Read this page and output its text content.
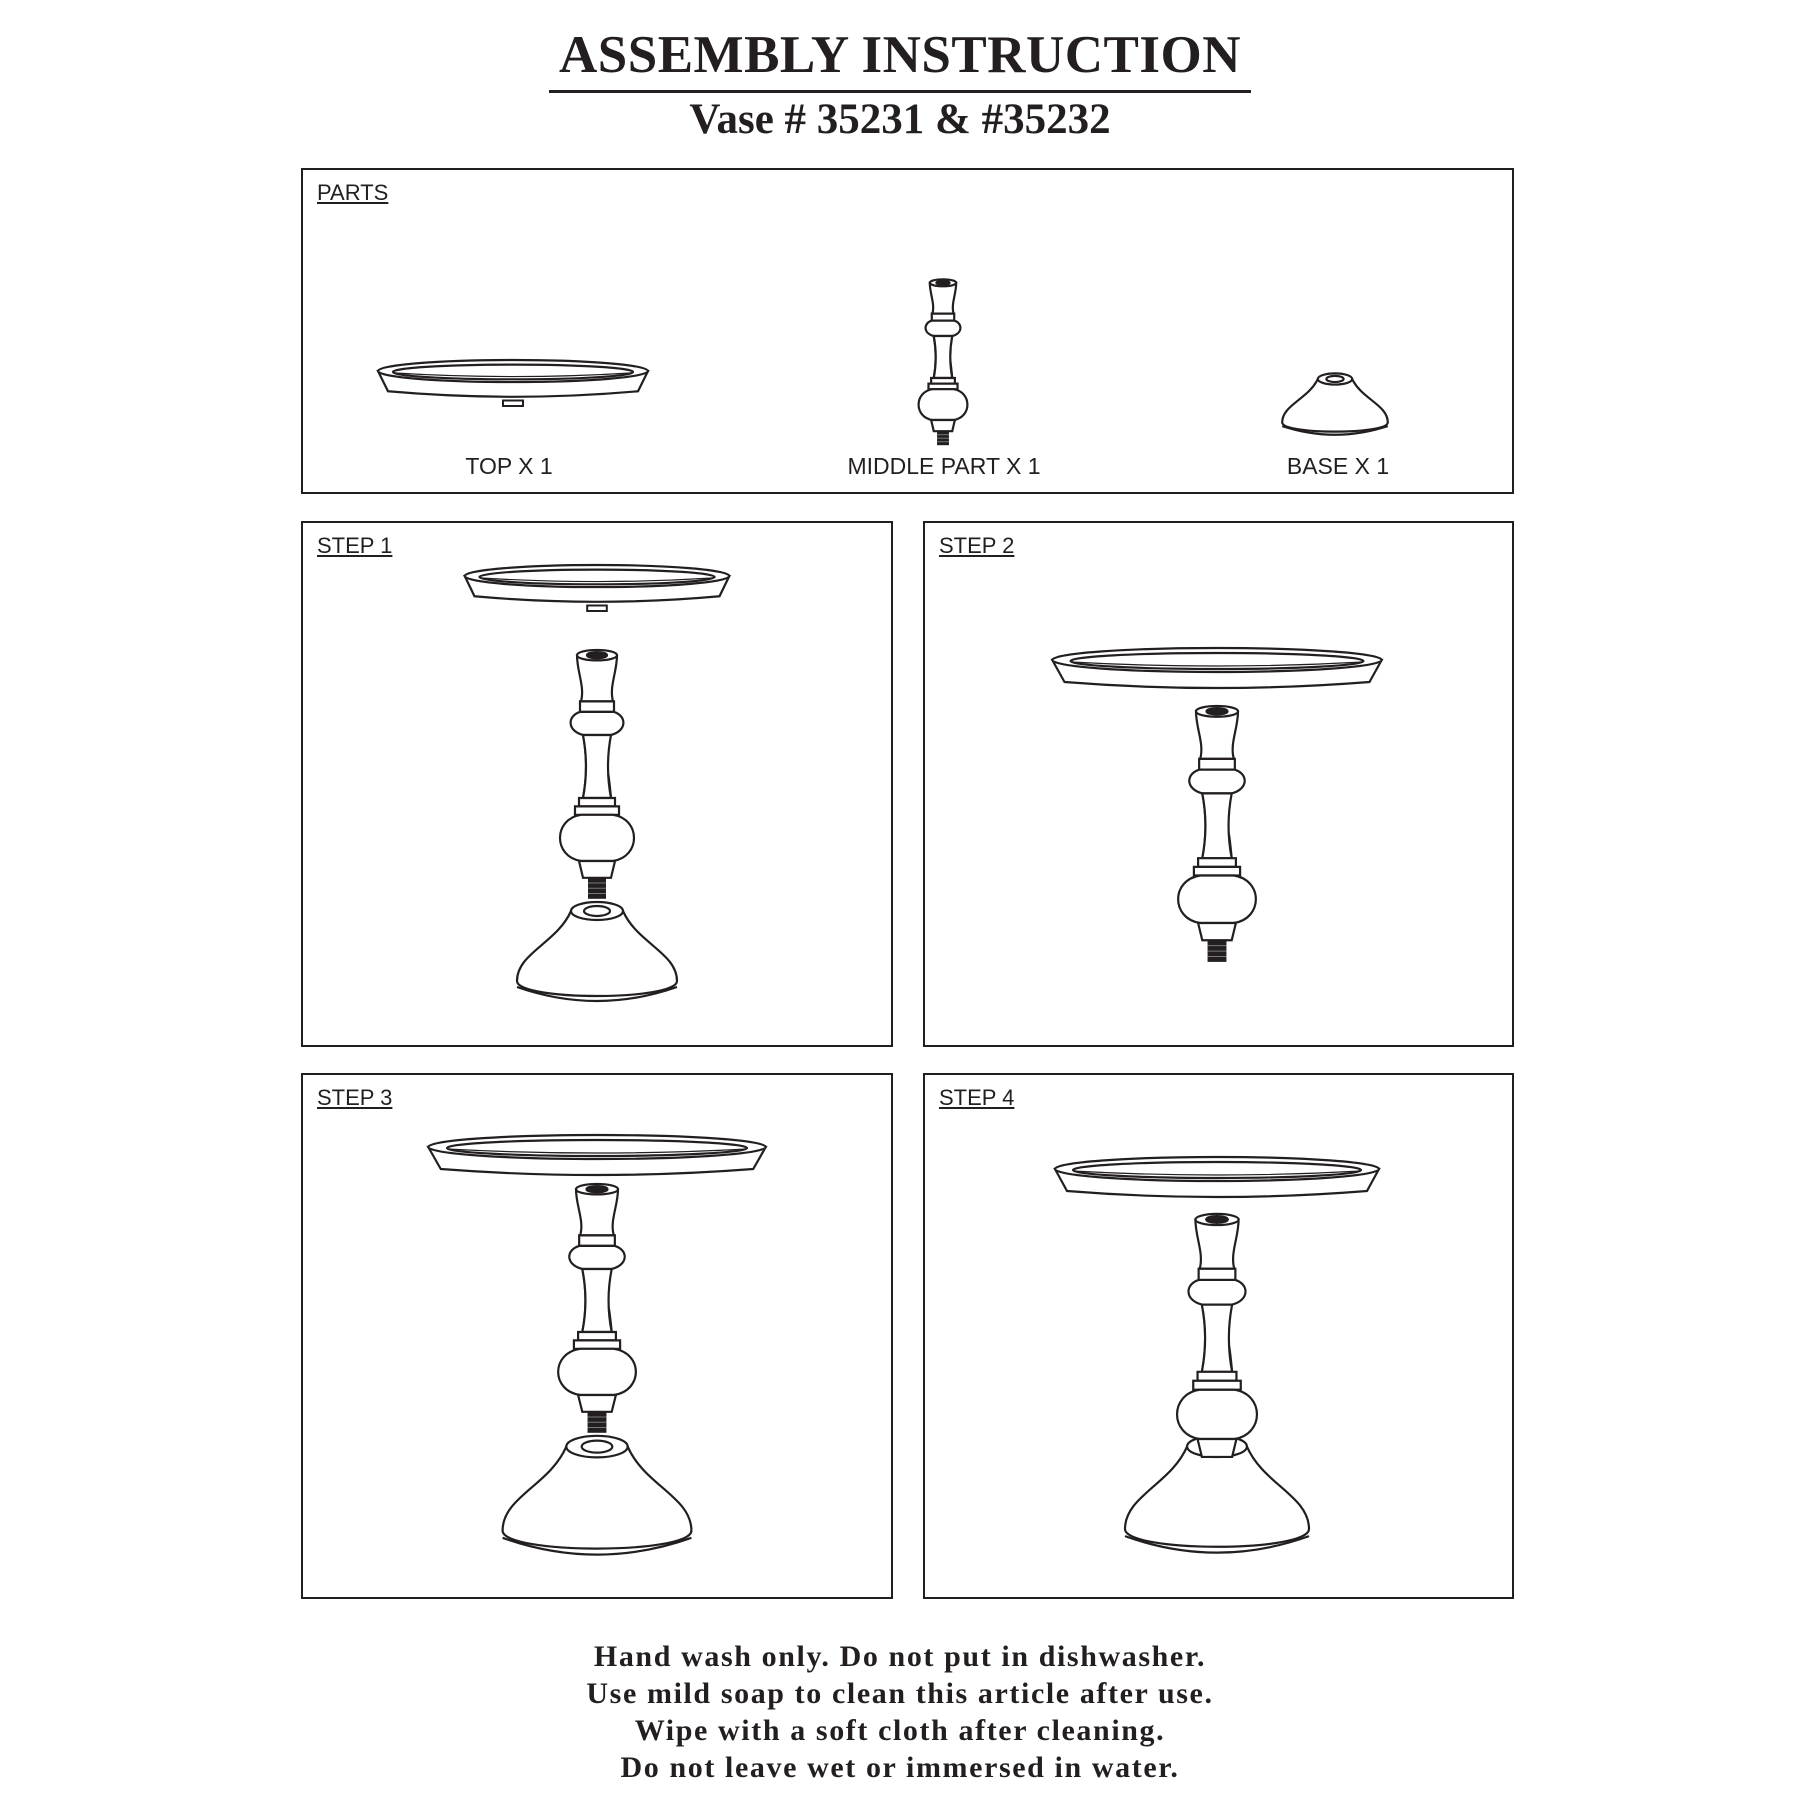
ASSEMBLY INSTRUCTION

Vase # 35231 & #35232

PARTS

TOP X 1	MIDDLE PART X 1	BASE X 1

STEP 1	STEP 2

STEP 3	STEP 4

Hand wash only. Do not put in dishwasher.

Use mild soap to clean this article after use.

Wipe with a soft cloth after cleaning.

Do not leave wet or immersed in water.
